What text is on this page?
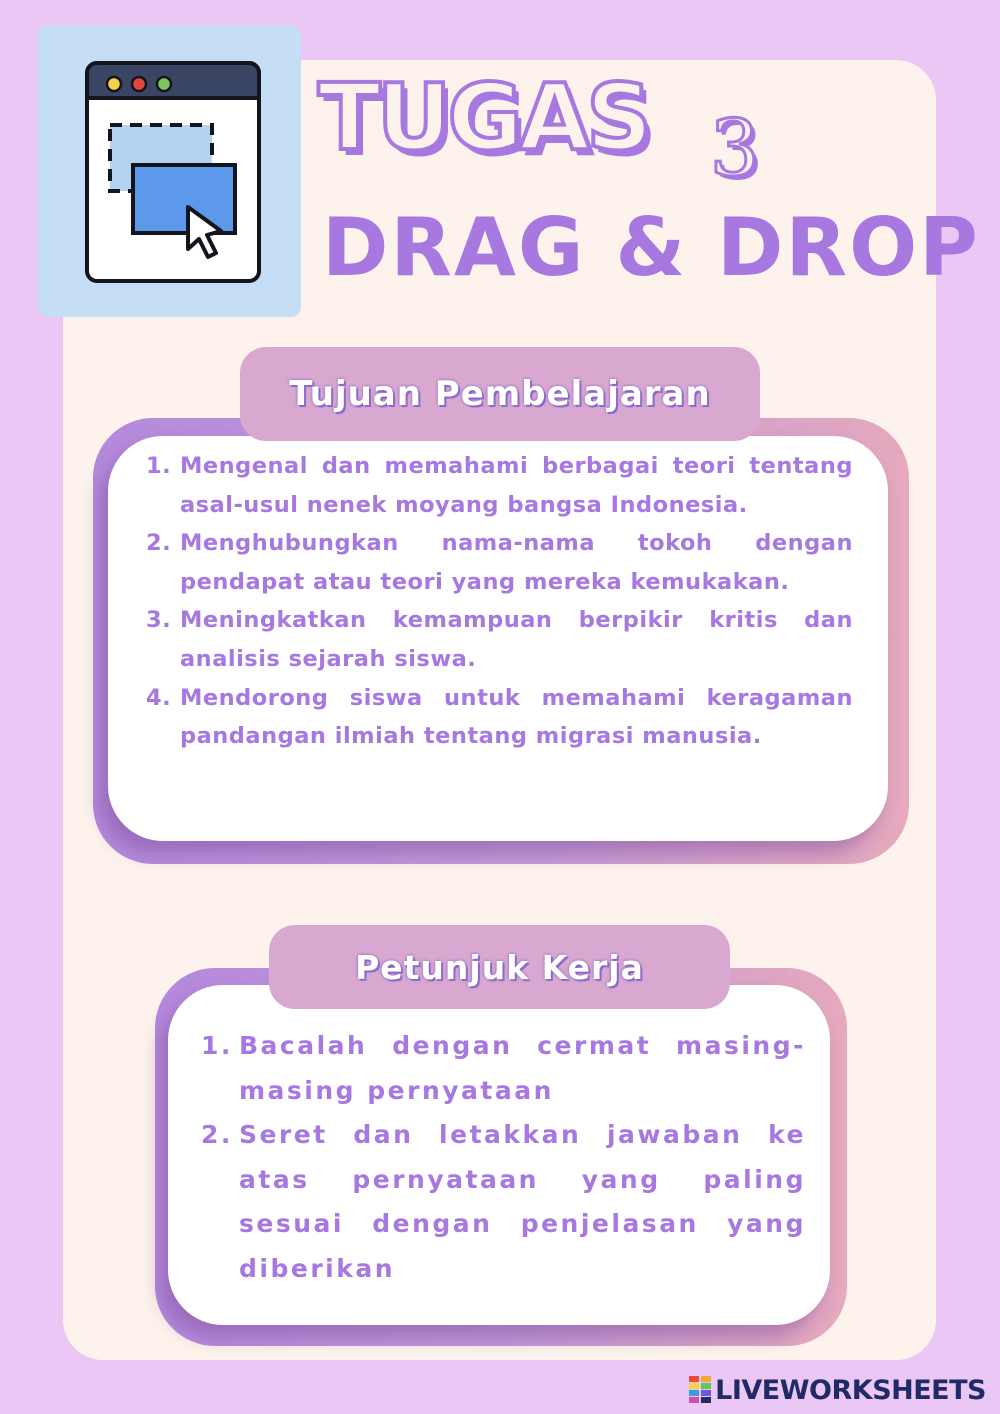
TUGAS 3
DRAG & DROP
Tujuan Pembelajaran
1. Mengenal dan memahami berbagai teori tentang asal-usul nenek moyang bangsa Indonesia.
2. Menghubungkan nama-nama tokoh dengan pendapat atau teori yang mereka kemukakan.
3. Meningkatkan kemampuan berpikir kritis dan analisis sejarah siswa.
4. Mendorong siswa untuk memahami keragaman pandangan ilmiah tentang migrasi manusia.
Petunjuk Kerja
1. Bacalah dengan cermat masing-masing pernyataan
2. Seret dan letakkan jawaban ke atas pernyataan yang paling sesuai dengan penjelasan yang diberikan
LIVEWORKSHEETS
